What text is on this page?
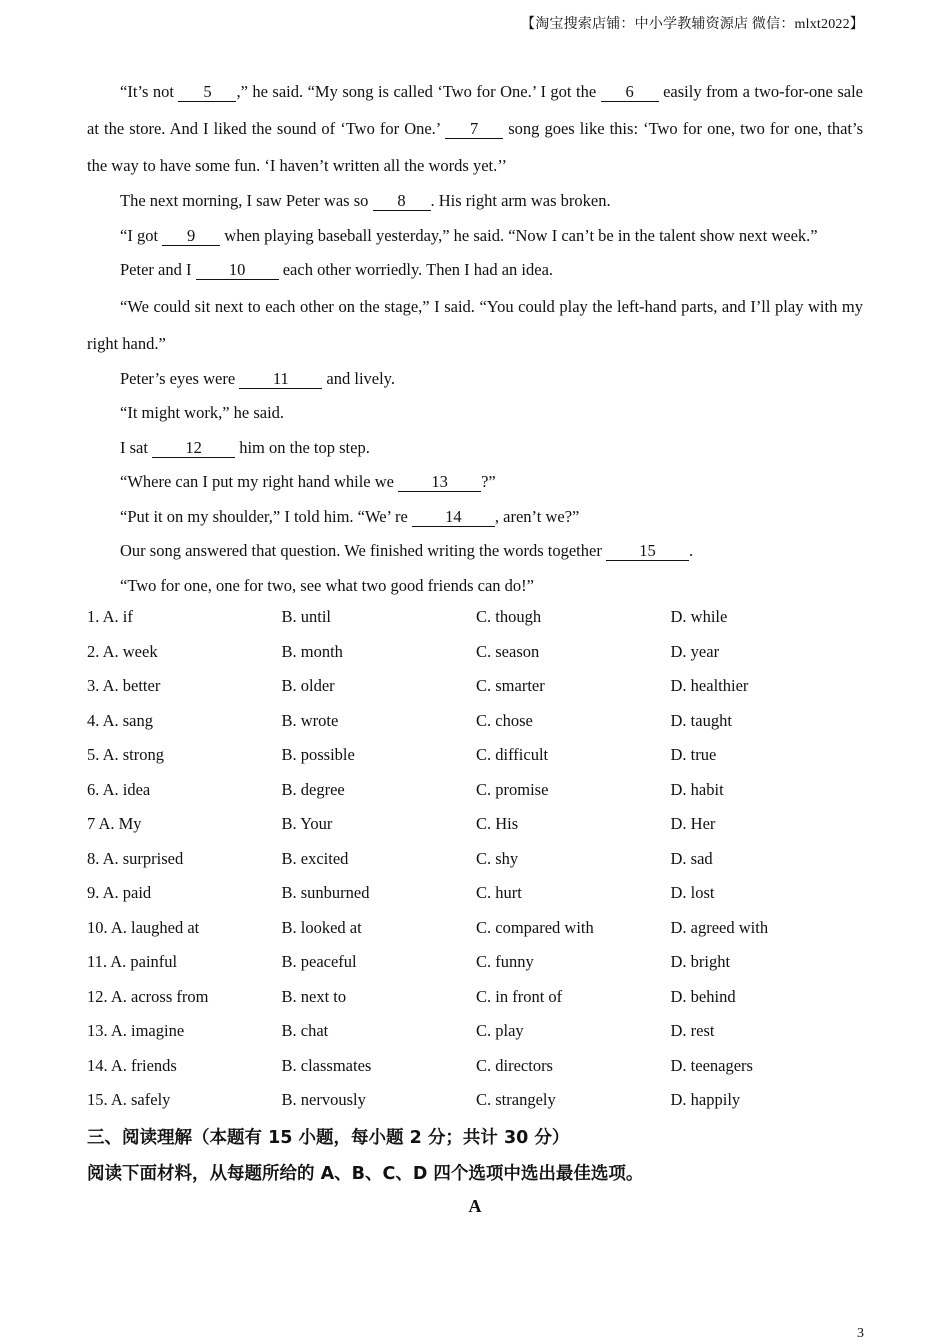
【淘宝搜索店铺：中小学教辅资源店 微信：mlxt2022】

“It’s not 5 ,” he said. “My song is called ‘Two for One.’ I got the 6 easily from a two-for-one sale at the store. And I liked the sound of ‘Two for One.’ 7 song goes like this: ‘Two for one, two for one, that’s the way to have some fun. ‘I haven’t written all the words yet.’’

The next morning, I saw Peter was so 8 . His right arm was broken.

“I got 9 when playing baseball yesterday,” he said. “Now I can’t be in the talent show next week.”

Peter and I 10 each other worriedly. Then I had an idea.

“We could sit next to each other on the stage,” I said. “You could play the left-hand parts, and I’ll play with my right hand.”

Peter’s eyes were 11 and lively.

“It might work,” he said.

I sat 12 him on the top step.

“Where can I put my right hand while we 13 ?”

“Put it on my shoulder,” I told him. “We’ re 14 , aren’t we?”

Our song answered that question. We finished writing the words together 15 .

“Two for one, one for two, see what two good friends can do!”

1. A. if	B. until	C. though	D. while
2. A. week	B. month	C. season	D. year
3. A. better	B. older	C. smarter	D. healthier
4. A. sang	B. wrote	C. chose	D. taught
5. A. strong	B. possible	C. difficult	D. true
6. A. idea	B. degree	C. promise	D. habit
7 A. My	B. Your	C. His	D. Her
8. A. surprised	B. excited	C. shy	D. sad
9. A. paid	B. sunburned	C. hurt	D. lost
10. A. laughed at	B. looked at	C. compared with	D. agreed with
11. A. painful	B. peaceful	C. funny	D. bright
12. A. across from	B. next to	C. in front of	D. behind
13. A. imagine	B. chat	C. play	D. rest
14. A. friends	B. classmates	C. directors	D. teenagers
15. A. safely	B. nervously	C. strangely	D. happily
三、阅读理解（本题有 15 小题，每小题 2 分；共计 30 分）
阅读下面材料，从每题所给的 A、B、C、D 四个选项中选出最佳选项。
A
3
